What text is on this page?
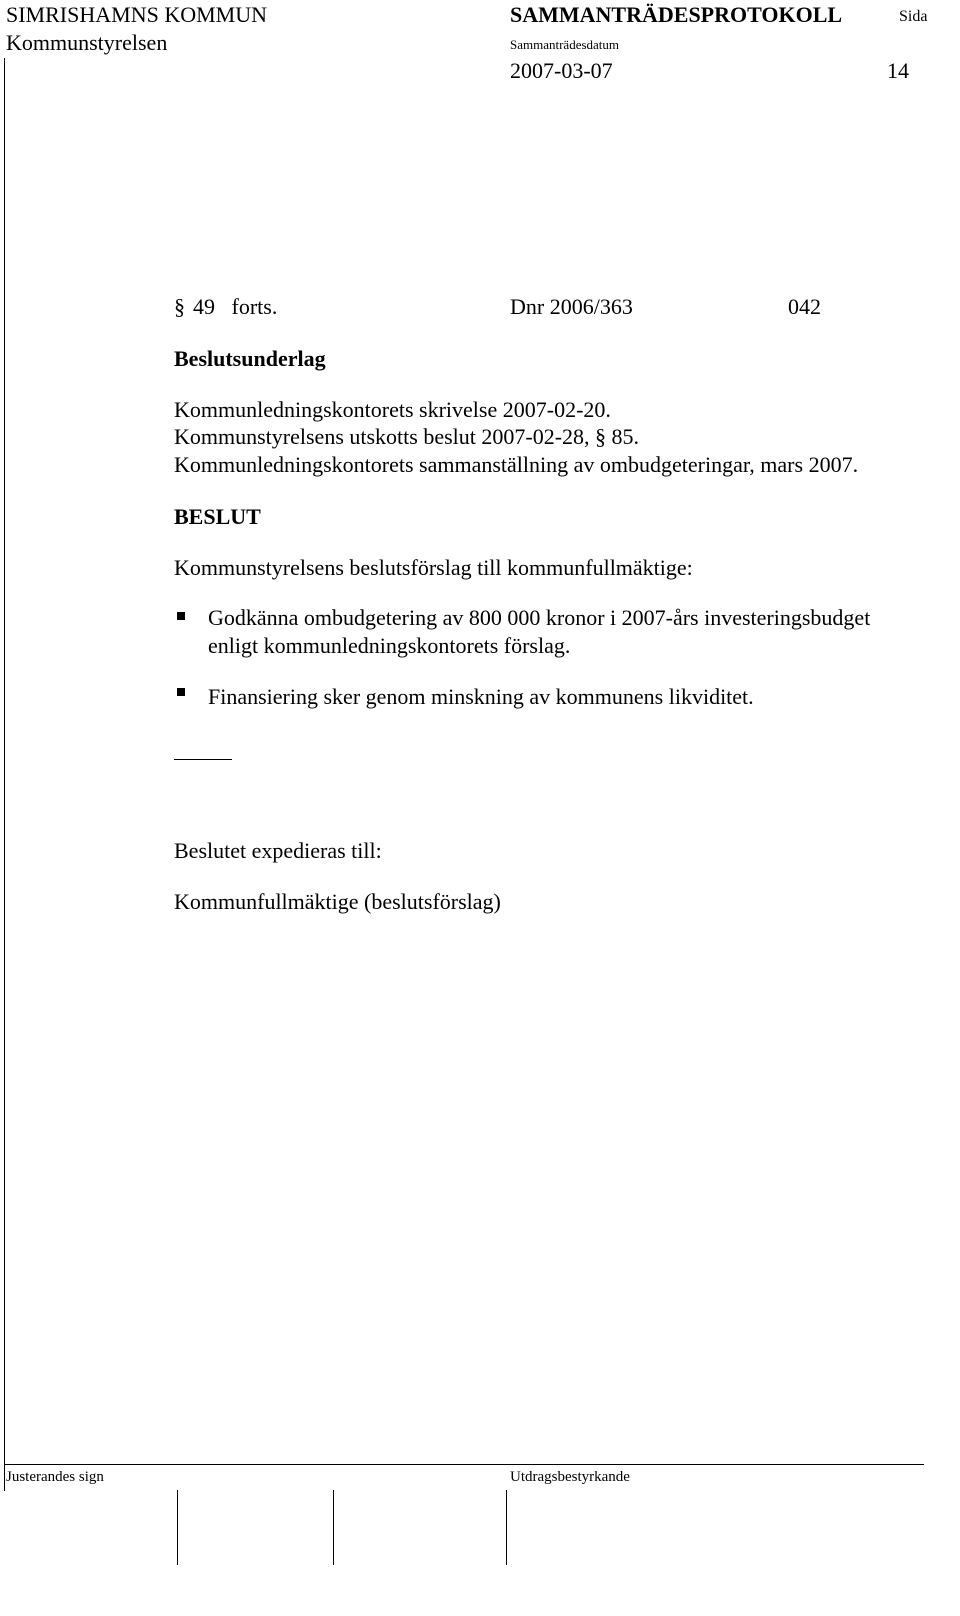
SIMRISHAMNS KOMMUN
Kommunstyrelsen
SAMMANTRÄDESPROTOKOLL	Sida
Sammanträdesdatum
2007-03-07	14
§ 49   forts.	Dnr 2006/363	042
Beslutsunderlag
Kommunledningskontorets skrivelse 2007-02-20.
Kommunstyrelsens utskotts beslut 2007-02-28, § 85.
Kommunledningskontorets sammanställning av ombudgeteringar, mars 2007.
BESLUT
Kommunstyrelsens beslutsförslag till kommunfullmäktige:
Godkänna ombudgetering av 800 000 kronor i 2007-års investeringsbudget
enligt kommunledningskontorets förslag.
Finansiering sker genom minskning av kommunens likviditet.
Beslutet expedieras till:
Kommunfullmäktige (beslutsförslag)
Justerandes sign	Utdragsbestyrkande
